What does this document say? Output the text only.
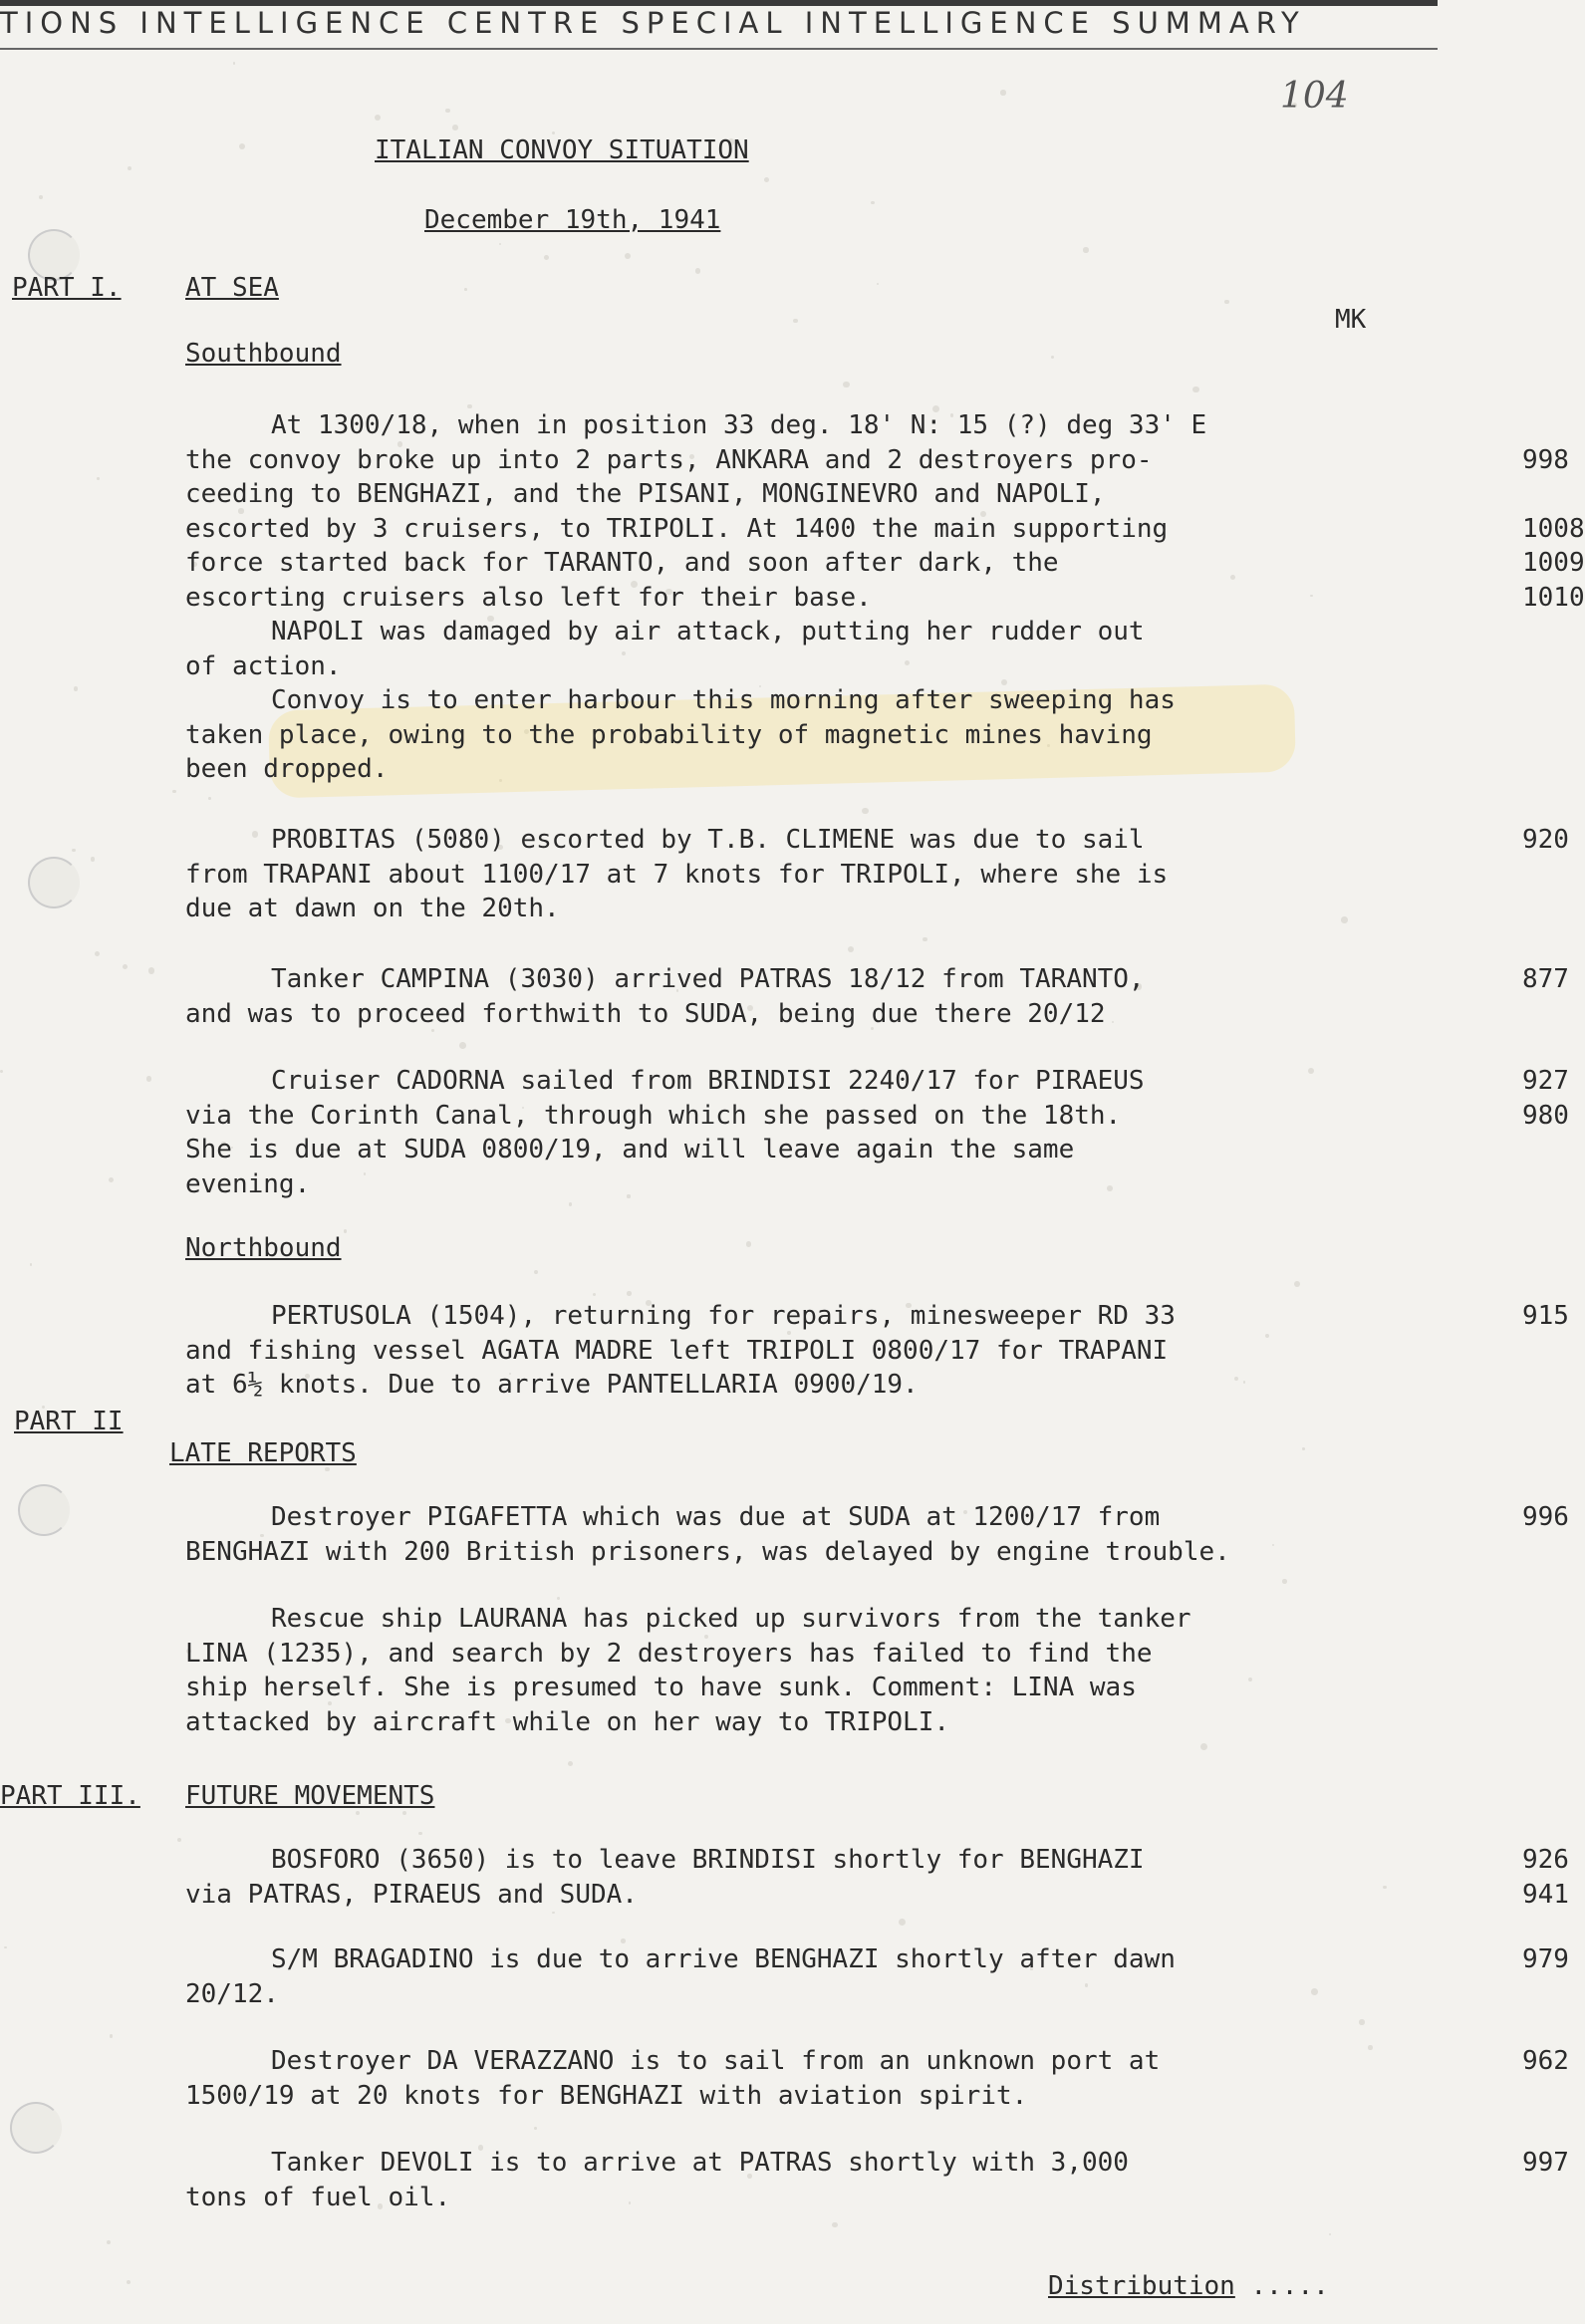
TIONS INTELLIGENCE CENTRE SPECIAL INTELLIGENCE SUMMARY
104
ITALIAN CONVOY SITUATION
December 19th, 1941
PART I. AT SEA
MK
Southbound
At 1300/18, when in position 33 deg. 18' N: 15 (?) deg 33' E
the convoy broke up into 2 parts, ANKARA and 2 destroyers pro-	998
ceeding to BENGHAZI, and the PISANI, MONGINEVRO and NAPOLI,
escorted by 3 cruisers, to TRIPOLI. At 1400 the main supporting	1008
force started back for TARANTO, and soon after dark, the	1009
escorting cruisers also left for their base.	1010
NAPOLI was damaged by air attack, putting her rudder out
of action.
Convoy is to enter harbour this morning after sweeping has
taken place, owing to the probability of magnetic mines having
been dropped.
PROBITAS (5080) escorted by T.B. CLIMENE was due to sail	920
from TRAPANI about 1100/17 at 7 knots for TRIPOLI, where she is
due at dawn on the 20th.
Tanker CAMPINA (3030) arrived PATRAS 18/12 from TARANTO,	877
and was to proceed forthwith to SUDA, being due there 20/12
Cruiser CADORNA sailed from BRINDISI 2240/17 for PIRAEUS	927
via the Corinth Canal, through which she passed on the 18th.	980
She is due at SUDA 0800/19, and will leave again the same
evening.
Northbound
PERTUSOLA (1504), returning for repairs, minesweeper RD 33	915
and fishing vessel AGATA MADRE left TRIPOLI 0800/17 for TRAPANI
at 6½ knots. Due to arrive PANTELLARIA 0900/19.
PART II
LATE REPORTS
Destroyer PIGAFETTA which was due at SUDA at 1200/17 from	996
BENGHAZI with 200 British prisoners, was delayed by engine trouble.
Rescue ship LAURANA has picked up survivors from the tanker
LINA (1235), and search by 2 destroyers has failed to find the
ship herself. She is presumed to have sunk. Comment: LINA was
attacked by aircraft while on her way to TRIPOLI.
PART III. FUTURE MOVEMENTS
BOSFORO (3650) is to leave BRINDISI shortly for BENGHAZI	926
via PATRAS, PIRAEUS and SUDA.	941
S/M BRAGADINO is due to arrive BENGHAZI shortly after dawn	979
20/12.
Destroyer DA VERAZZANO is to sail from an unknown port at	962
1500/19 at 20 knots for BENGHAZI with aviation spirit.
Tanker DEVOLI is to arrive at PATRAS shortly with 3,000	997
tons of fuel oil.
Distribution .....
